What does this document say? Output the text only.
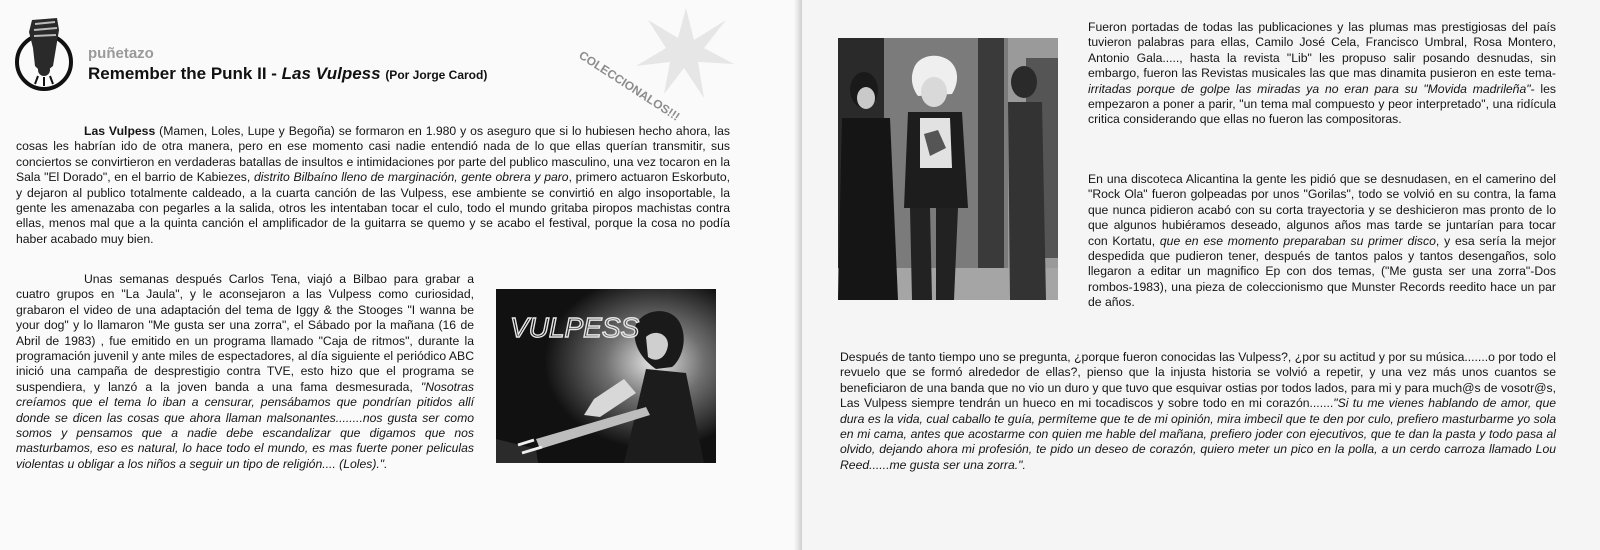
puñetazo
Remember the Punk II - Las Vulpess (Por Jorge Carod)	COLECCIONALOS!!!

Las Vulpess (Mamen, Loles, Lupe y Begoña) se formaron en 1.980 y os aseguro que si lo hubiesen hecho ahora, las cosas les habrían ido de otra manera, pero en ese momento casi nadie entendió nada de lo que ellas querían transmitir, sus conciertos se convirtieron en verdaderas batallas de insultos e intimidaciones por parte del publico masculino, una vez tocaron en la Sala "El Dorado", en el barrio de Kabiezes, distrito Bilbaíno lleno de marginación, gente obrera y paro, primero actuaron Eskorbuto, y dejaron al publico totalmente caldeado, a la cuarta canción de las Vulpess, ese ambiente se convirtió en algo insoportable, la gente les amenazaba con pegarles a la salida, otros les intentaban tocar el culo, todo el mundo gritaba piropos machistas contra ellas, menos mal que a la quinta canción el amplificador de la guitarra se quemo y se acabo el festival, porque la cosa no podía haber acabado muy bien.

Unas semanas después Carlos Tena, viajó a Bilbao para grabar a cuatro grupos en "La Jaula", y le aconsejaron a las Vulpess como curiosidad, grabaron el video de una adaptación del tema de Iggy & the Stooges "I wanna be your dog" y lo llamaron "Me gusta ser una zorra", el Sábado por la mañana (16 de Abril de 1983) , fue emitido en un programa llamado "Caja de ritmos", durante la programación juvenil y ante miles de espectadores, al día siguiente el periódico ABC inició una campaña de desprestigio contra TVE, esto hizo que el programa se suspendiera, y lanzó a la joven banda a una fama desmesurada, "Nosotras creíamos que el tema lo iban a censurar, pensábamos que pondrían pitidos allí donde se dicen las cosas que ahora llaman malsonantes........nos gusta ser como somos y pensamos que a nadie debe escandalizar que digamos que nos masturbamos, eso es natural, lo hace todo el mundo, es mas fuerte poner peliculas violentas u obligar a los niños a seguir un tipo de religión.... (Loles).".

VULPESS

Fueron portadas de todas las publicaciones y las plumas mas prestigiosas del país tuvieron palabras para ellas, Camilo José Cela, Francisco Umbral, Rosa Montero, Antonio Gala....., hasta la revista "Lib" les propuso salir posando desnudas, sin embargo, fueron las Revistas musicales las que mas dinamita pusieron en este tema-irritadas porque de golpe las miradas ya no eran para su "Movida madrileña"- les empezaron a poner a parir, "un tema mal compuesto y peor interpretado", una ridícula critica considerando que ellas no fueron las compositoras.

En una discoteca Alicantina la gente les pidió que se desnudasen, en el camerino del "Rock Ola" fueron golpeadas por unos "Gorilas", todo se volvió en su contra, la fama que nunca pidieron acabó con su corta trayectoria y se deshicieron mas pronto de lo que algunos hubiéramos deseado, algunos años mas tarde se juntarían para tocar con Kortatu, que en ese momento preparaban su primer disco, y esa sería la mejor despedida que pudieron tener, después de tantos palos y tantos desengaños, solo llegaron a editar un magnifico Ep con dos temas, ("Me gusta ser una zorra"-Dos rombos-1983), una pieza de coleccionismo que Munster Records reedito hace un par de años.

Después de tanto tiempo uno se pregunta, ¿porque fueron conocidas las Vulpess?, ¿por su actitud y por su música.......o por todo el revuelo que se formó alrededor de ellas?, pienso que la injusta historia se volvió a repetir, y una vez más unos cuantos se beneficiaron de una banda que no vio un duro y que tuvo que esquivar ostias por todos lados, para mi y para much@s de vosotr@s, Las Vulpess siempre tendrán un hueco en mi tocadiscos y sobre todo en mi corazón......."Si tu me vienes hablando de amor, que dura es la vida, cual caballo te guía, permíteme que te de mi opinión, mira imbecil que te den por culo, prefiero masturbarme yo sola en mi cama, antes que acostarme con quien me hable del mañana, prefiero joder con ejecutivos, que te dan la pasta y todo pasa al olvido, dejando ahora mi profesión, te pido un deseo de corazón, quiero meter un pico en la polla, a un cerdo carroza llamado Lou Reed......me gusta ser una zorra.".
